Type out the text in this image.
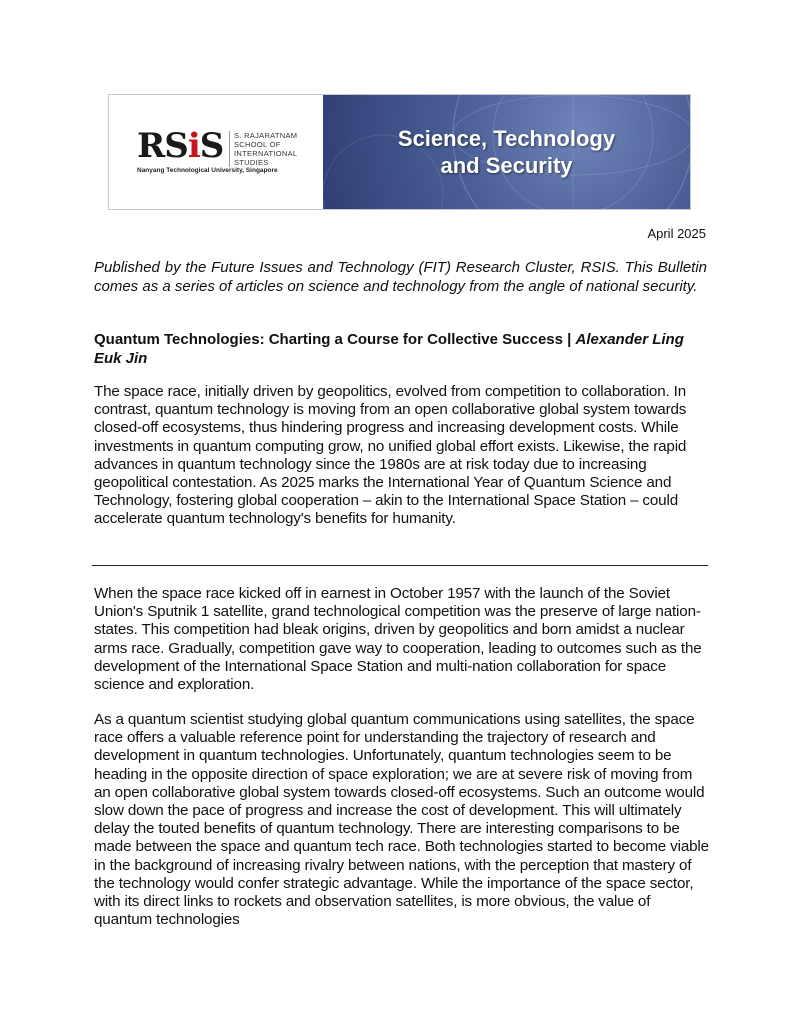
RSiS S. RAJARATNAM
SCHOOL OF
INTERNATIONAL
STUDIES
Nanyang Technological University, Singapore
Science, Technology
and Security
April 2025

Published by the Future Issues and Technology (FIT) Research Cluster, RSIS. This Bulletin comes as a series of articles on science and technology from the angle of national security.

Quantum Technologies: Charting a Course for Collective Success | Alexander Ling Euk Jin

The space race, initially driven by geopolitics, evolved from competition to collaboration. In contrast, quantum technology is moving from an open collaborative global system towards closed-off ecosystems, thus hindering progress and increasing development costs. While investments in quantum computing grow, no unified global effort exists. Likewise, the rapid advances in quantum technology since the 1980s are at risk today due to increasing geopolitical contestation. As 2025 marks the International Year of Quantum Science and Technology, fostering global cooperation – akin to the International Space Station – could accelerate quantum technology's benefits for humanity.

When the space race kicked off in earnest in October 1957 with the launch of the Soviet Union's Sputnik 1 satellite, grand technological competition was the preserve of large nation-states. This competition had bleak origins, driven by geopolitics and born amidst a nuclear arms race. Gradually, competition gave way to cooperation, leading to outcomes such as the development of the International Space Station and multi-nation collaboration for space science and exploration.

As a quantum scientist studying global quantum communications using satellites, the space race offers a valuable reference point for understanding the trajectory of research and development in quantum technologies. Unfortunately, quantum technologies seem to be heading in the opposite direction of space exploration; we are at severe risk of moving from an open collaborative global system towards closed-off ecosystems. Such an outcome would slow down the pace of progress and increase the cost of development. This will ultimately delay the touted benefits of quantum technology. There are interesting comparisons to be made between the space and quantum tech race. Both technologies started to become viable in the background of increasing rivalry between nations, with the perception that mastery of the technology would confer strategic advantage. While the importance of the space sector, with its direct links to rockets and observation satellites, is more obvious, the value of quantum technologies
